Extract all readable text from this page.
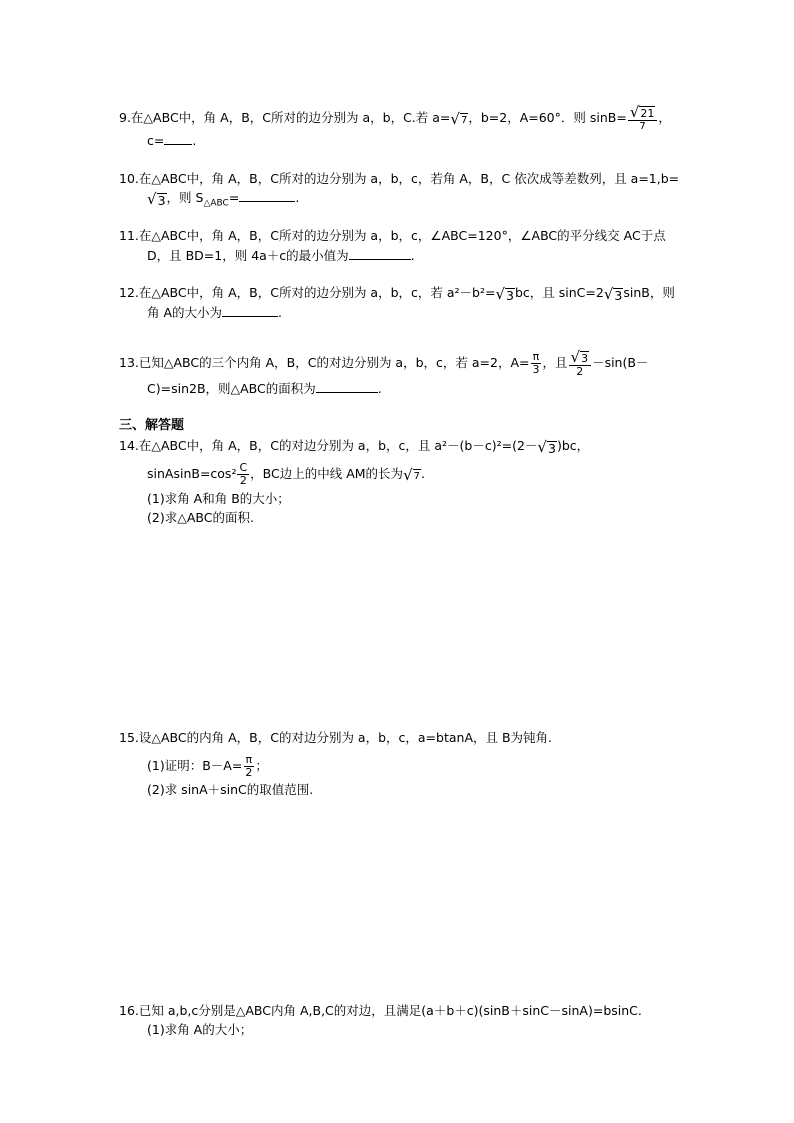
9.在△ABC中，角 A，B，C所对的边分别为 a，b，C.若 a= √ 7 ，b=2，A=60°．则 $\sin B= \frac{√ 21}{7}$ ，
c= .
10.在△ABC中，角 A，B，C所对的边分别为 a，b，c，若角 A，B，C 依次成等差数列，且 a=1,b=
√ 3 ，则 $S_{\triangle ABC}=$	.
11.在△ABC中，角 A，B，C所对的边分别为 a，b，c，∠ABC=120°，∠ABC的平分线交 AC于点
D，且 BD=1，则 4a＋c的最小值为	.
12.在△ABC中，角 A，B，C所对的边分别为 a，b，c，若 a²－b²= √ 3 bc，且 sinC=2 √ 3 sinB，则
角 A的大小为	.
13.已知△ABC的三个内角 A，B，C的对边分别为 a，b，c，若 a=2，$A= \frac{\pi}{3}$ ，且 $\frac{√ 3}{2} -\sin(B-$
C)=sin2B，则△ABC的面积为	.
三、解答题
14.在△ABC中，角 A，B，C的对边分别为 a，b，c，且 a²－(b－c)²=(2－ √ 3 )bc，
sinAsinB=cos² $\frac{C}{2}$ ，BC边上的中线 AM的长为 √ 7 .
(1)求角 A和角 B的大小；
(2)求△ABC的面积.
15.设△ABC的内角 A，B，C的对边分别为 a，b，c，a=btanA，且 B为钝角.
(1)证明：$B-A= \frac{\pi}{2}$ ；
(2)求 sinA＋sinC的取值范围.
16.已知 a,b,c分别是△ABC内角 A,B,C的对边，且满足(a＋b＋c)(sinB＋sinC－sinA)=bsinC.
(1)求角 A的大小；
